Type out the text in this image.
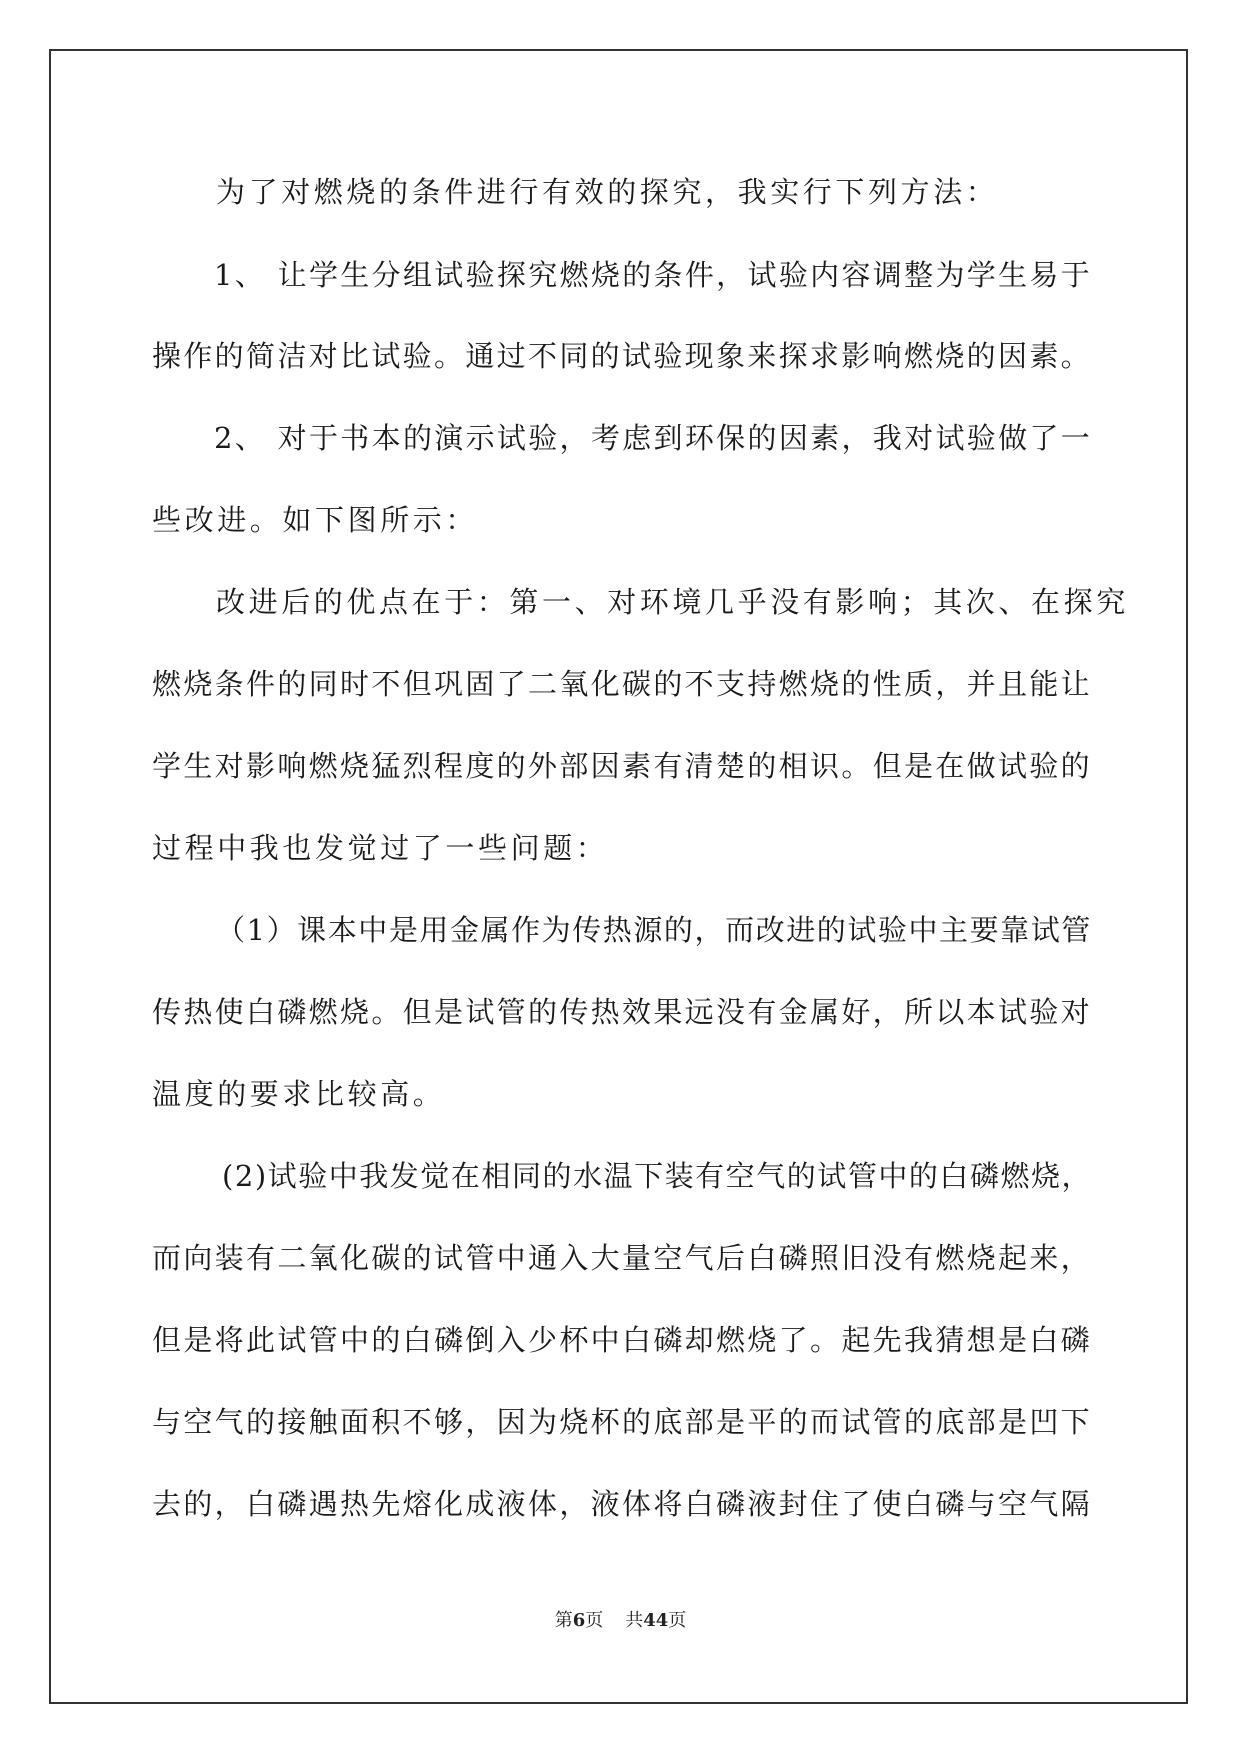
为了对燃烧的条件进行有效的探究，我实行下列方法：
1、 让学生分组试验探究燃烧的条件，试验内容调整为学生易于
操作的简洁对比试验。通过不同的试验现象来探求影响燃烧的因素。
2、 对于书本的演示试验，考虑到环保的因素，我对试验做了一
些改进。如下图所示：
改进后的优点在于：第一、对环境几乎没有影响；其次、在探究
燃烧条件的同时不但巩固了二氧化碳的不支持燃烧的性质，并且能让
学生对影响燃烧猛烈程度的外部因素有清楚的相识。但是在做试验的
过程中我也发觉过了一些问题：
（1）课本中是用金属作为传热源的，而改进的试验中主要靠试管
传热使白磷燃烧。但是试管的传热效果远没有金属好，所以本试验对
温度的要求比较高。
(2)试验中我发觉在相同的水温下装有空气的试管中的白磷燃烧，
而向装有二氧化碳的试管中通入大量空气后白磷照旧没有燃烧起来，
但是将此试管中的白磷倒入少杯中白磷却燃烧了。起先我猜想是白磷
与空气的接触面积不够，因为烧杯的底部是平的而试管的底部是凹下
去的，白磷遇热先熔化成液体，液体将白磷液封住了使白磷与空气隔
第6页 共44页
